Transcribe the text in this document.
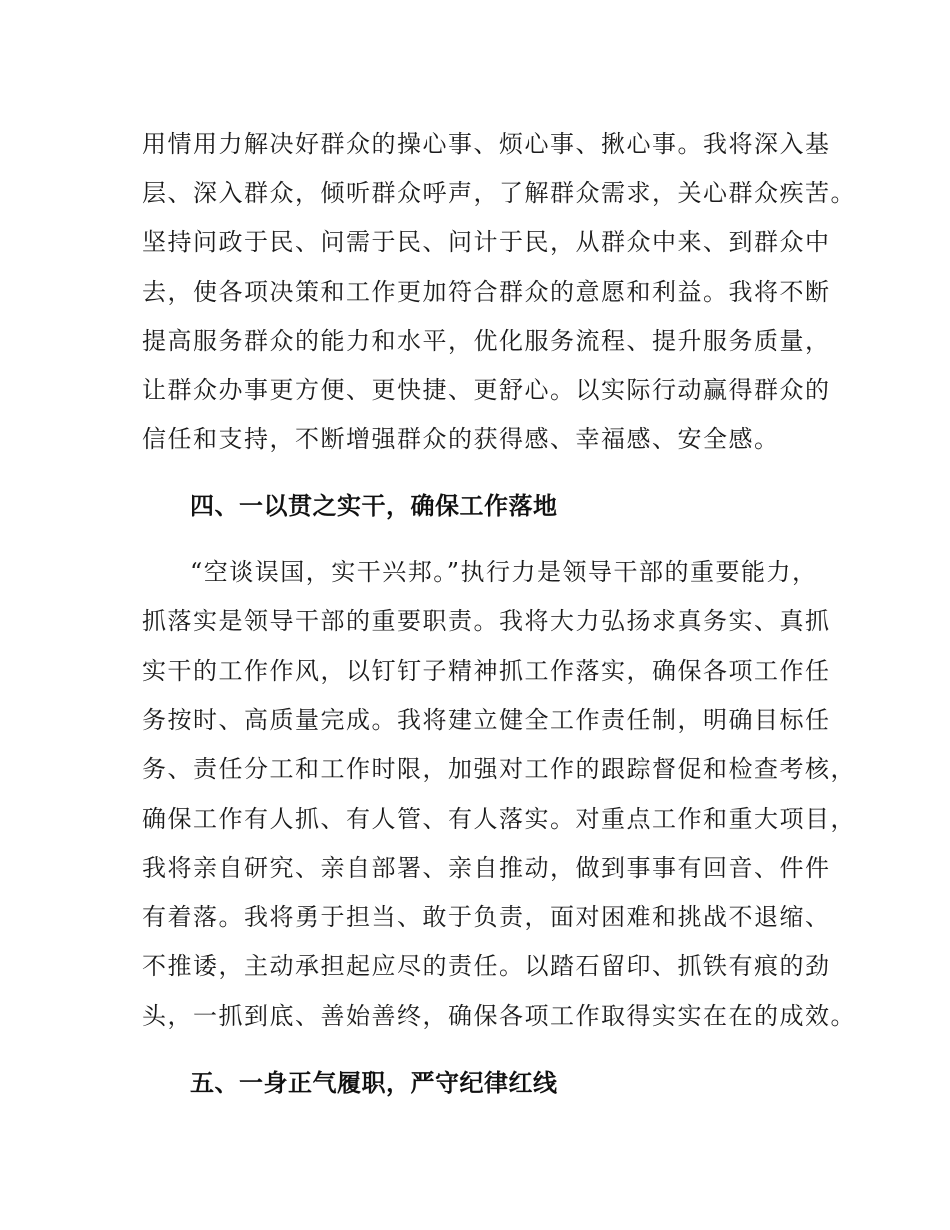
用情用力解决好群众的操心事、烦心事、揪心事。我将深入基
层、深入群众，倾听群众呼声，了解群众需求，关心群众疾苦。
坚持问政于民、问需于民、问计于民，从群众中来、到群众中
去，使各项决策和工作更加符合群众的意愿和利益。我将不断
提高服务群众的能力和水平，优化服务流程、提升服务质量，
让群众办事更方便、更快捷、更舒心。以实际行动赢得群众的
信任和支持，不断增强群众的获得感、幸福感、安全感。
四、一以贯之实干，确保工作落地
“空谈误国，实干兴邦。”执行力是领导干部的重要能力，
抓落实是领导干部的重要职责。我将大力弘扬求真务实、真抓
实干的工作作风，以钉钉子精神抓工作落实，确保各项工作任
务按时、高质量完成。我将建立健全工作责任制，明确目标任
务、责任分工和工作时限，加强对工作的跟踪督促和检查考核，
确保工作有人抓、有人管、有人落实。对重点工作和重大项目，
我将亲自研究、亲自部署、亲自推动，做到事事有回音、件件
有着落。我将勇于担当、敢于负责，面对困难和挑战不退缩、
不推诿，主动承担起应尽的责任。以踏石留印、抓铁有痕的劲
头，一抓到底、善始善终，确保各项工作取得实实在在的成效。
五、一身正气履职，严守纪律红线
